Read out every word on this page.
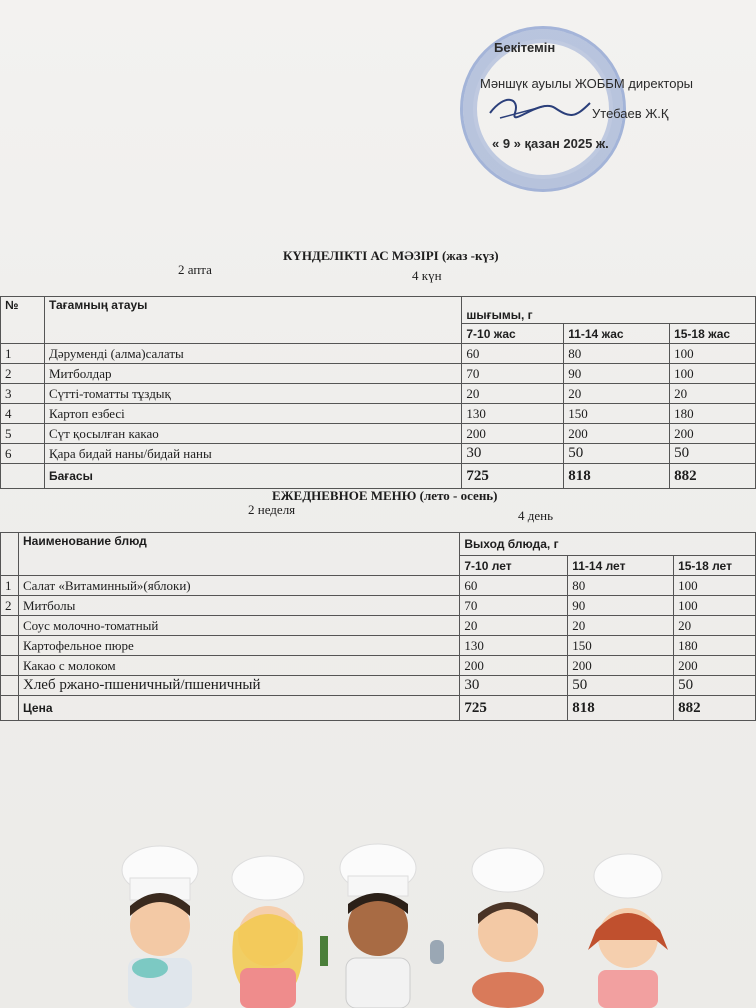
Бекітемін
Мәншүк ауылы ЖОББМ директоры
Утебаев Ж.Қ
« 9 » қазан 2025 ж.
КҮНДЕЛІКТІ АС МӘЗІРІ (жаз -күз)
2 апта	4 күн
№	Тағамның атауы	шығымы, г		
		7-10 жас	11-14 жас	15-18 жас
1	Дәруменді (алма)салаты	60	80	100
2	Митболдар	70	90	100
3	Сүтті-томатты тұздық	20	20	20
4	Картоп езбесі	130	150	180
5	Сүт қосылған какао	200	200	200
6	Қара бидай наны/бидай наны	30	50	50
	Бағасы	725	818	882
ЕЖЕДНЕВНОЕ МЕНЮ (лето - осень)
2 неделя	4 день
	Наименование блюд	Выход блюда, г		
		7-10 лет	11-14 лет	15-18 лет
1	Салат «Витаминный»(яблоки)	60	80	100
2	Митболы	70	90	100
	Соус молочно-томатный	20	20	20
	Картофельное пюре	130	150	180
	Какао с молоком	200	200	200
	Хлеб ржано-пшеничный/пшеничный	30	50	50
	Цена	725	818	882
